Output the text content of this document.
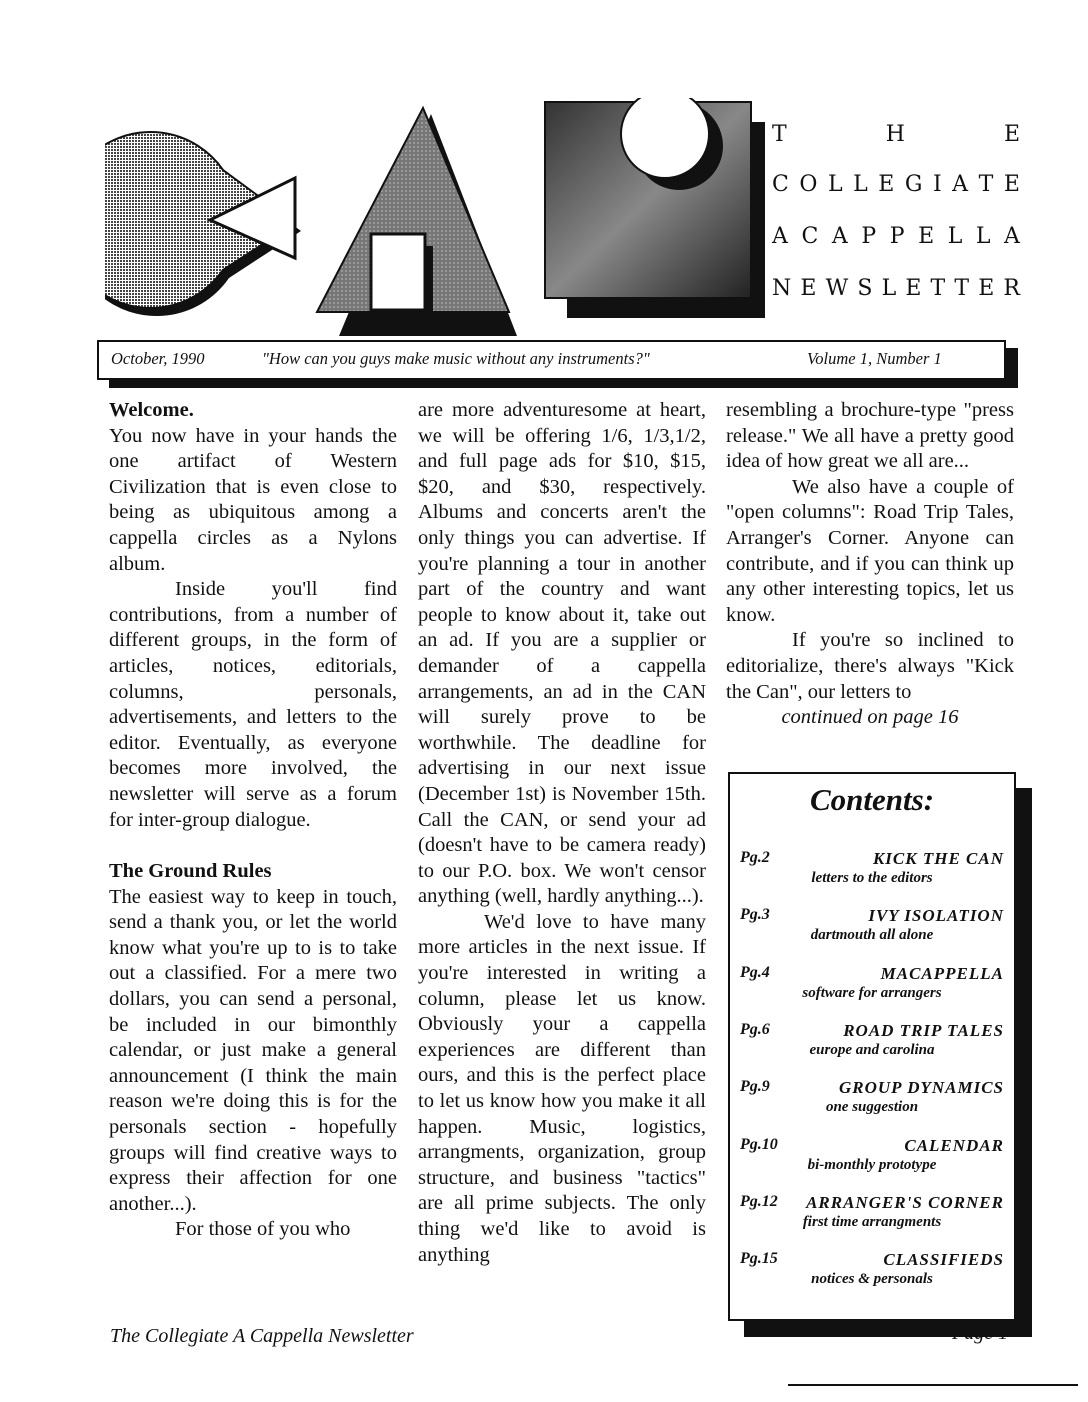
T	H	E
C O L L E G I A T E
A C A P P E L L A
N E W S L E T T E R
October, 1990	"How can you guys make music without any instruments?"	Volume 1, Number 1

Welcome.

You now have in your hands the one artifact of Western Civilization that is even close to being as ubiquitous among a cappella circles as a Nylons album.

Inside you'll find contributions, from a number of different groups, in the form of articles, notices, editorials, columns, personals, advertisements, and letters to the editor. Eventually, as everyone becomes more involved, the newsletter will serve as a forum for inter-group dialogue.

The Ground Rules

The easiest way to keep in touch, send a thank you, or let the world know what you're up to is to take out a classified. For a mere two dollars, you can send a personal, be included in our bimonthly calendar, or just make a general announcement (I think the main reason we're doing this is for the personals section - hopefully groups will find creative ways to express their affection for one another...).

For those of you who

are more adventuresome at heart, we will be offering 1/6, 1/3,1/2, and full page ads for $10, $15, $20, and $30, respectively. Albums and concerts aren't the only things you can advertise. If you're planning a tour in another part of the country and want people to know about it, take out an ad. If you are a supplier or demander of a cappella arrangements, an ad in the CAN will surely prove to be worthwhile. The deadline for advertising in our next issue (December 1st) is November 15th. Call the CAN, or send your ad (doesn't have to be camera ready) to our P.O. box. We won't censor anything (well, hardly anything...).

We'd love to have many more articles in the next issue. If you're interested in writing a column, please let us know. Obviously your a cappella experiences are different than ours, and this is the perfect place to let us know how you make it all happen. Music, logistics, arrangments, organization, group structure, and business "tactics" are all prime subjects. The only thing we'd like to avoid is anything

resembling a brochure-type "press release." We all have a pretty good idea of how great we all are...

We also have a couple of "open columns": Road Trip Tales, Arranger's Corner. Anyone can contribute, and if you can think up any other interesting topics, let us know.

If you're so inclined to editorialize, there's always "Kick the Can", our letters to

continued on page 16

Contents:
Pg.2	KICK THE CAN
letters to the editors
Pg.3	IVY ISOLATION
dartmouth all alone
Pg.4	MACAPPELLA
software for arrangers
Pg.6	ROAD TRIP TALES
europe and carolina
Pg.9	GROUP DYNAMICS
one suggestion
Pg.10	CALENDAR
bi-monthly prototype
Pg.12 ARRANGER'S CORNER
first time arrangments
Pg.15	CLASSIFIEDS
notices & personals
The Collegiate A Cappella Newsletter	Page 1
